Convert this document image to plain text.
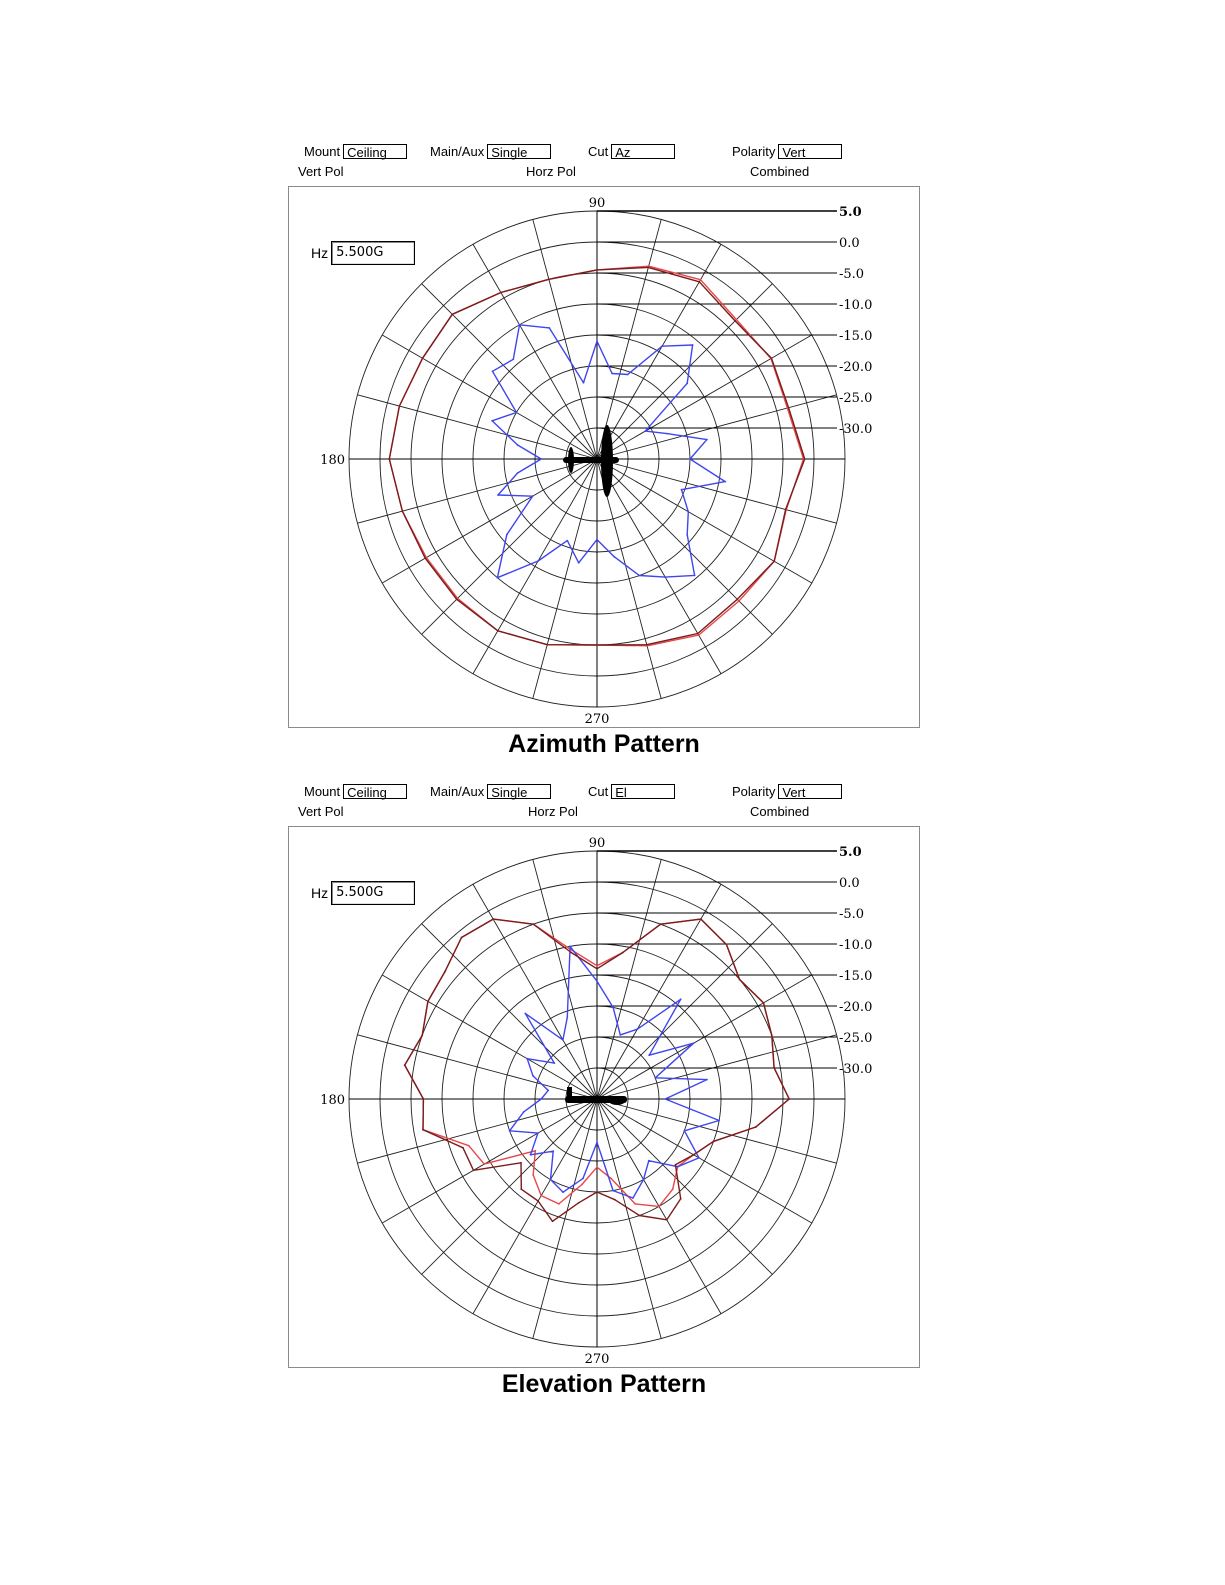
Mount Ceiling	Main/Aux Single	Cut Az	Polarity Vert
Vert Pol	Horz Pol	Combined
5.0
0.0
-5.0
-10.0
-15.0
-20.0
-25.0
-30.0
90
180
270
Hz 5.500G
Azimuth Pattern
Mount Ceiling	Main/Aux Single	Cut El	Polarity Vert
Vert Pol	Horz Pol	Combined
5.0
0.0
-5.0
-10.0
-15.0
-20.0
-25.0
-30.0
90
180
270
Hz 5.500G
Elevation Pattern
